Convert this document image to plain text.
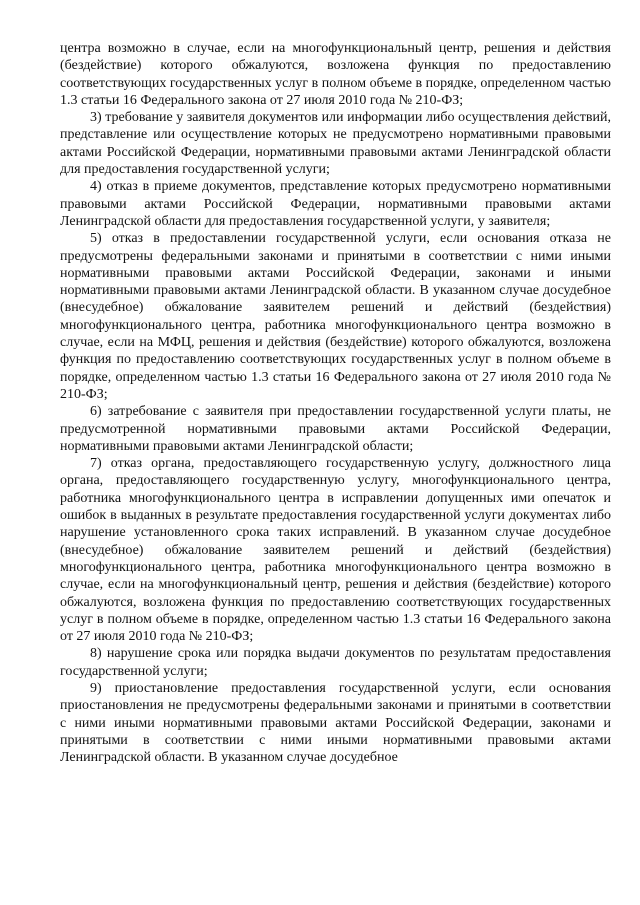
центра возможно в случае, если на многофункциональный центр, решения и действия (бездействие) которого обжалуются, возложена функция по предоставлению соответствующих государственных услуг в полном объеме в порядке, определенном частью 1.3 статьи 16 Федерального закона от 27 июля 2010 года № 210-ФЗ;

3) требование у заявителя документов или информации либо осуществления действий, представление или осуществление которых не предусмотрено нормативными правовыми актами Российской Федерации, нормативными правовыми актами Ленинградской области для предоставления государственной услуги;

4) отказ в приеме документов, представление которых предусмотрено нормативными правовыми актами Российской Федерации, нормативными правовыми актами Ленинградской области для предоставления государственной услуги, у заявителя;

5) отказ в предоставлении государственной услуги, если основания отказа не предусмотрены федеральными законами и принятыми в соответствии с ними иными нормативными правовыми актами Российской Федерации, законами и иными нормативными правовыми актами Ленинградской области. В указанном случае досудебное (внесудебное) обжалование заявителем решений и действий (бездействия) многофункционального центра, работника многофункционального центра возможно в случае, если на МФЦ, решения и действия (бездействие) которого обжалуются, возложена функция по предоставлению соответствующих государственных услуг в полном объеме в порядке, определенном частью 1.3 статьи 16 Федерального закона от 27 июля 2010 года № 210-ФЗ;

6) затребование с заявителя при предоставлении государственной услуги платы, не предусмотренной нормативными правовыми актами Российской Федерации, нормативными правовыми актами Ленинградской области;

7) отказ органа, предоставляющего государственную услугу, должностного лица органа, предоставляющего государственную услугу, многофункционального центра, работника многофункционального центра в исправлении допущенных ими опечаток и ошибок в выданных в результате предоставления государственной услуги документах либо нарушение установленного срока таких исправлений. В указанном случае досудебное (внесудебное) обжалование заявителем решений и действий (бездействия) многофункционального центра, работника многофункционального центра возможно в случае, если на многофункциональный центр, решения и действия (бездействие) которого обжалуются, возложена функция по предоставлению соответствующих государственных услуг в полном объеме в порядке, определенном частью 1.3 статьи 16 Федерального закона от 27 июля 2010 года № 210-ФЗ;

8) нарушение срока или порядка выдачи документов по результатам предоставления государственной услуги;

9) приостановление предоставления государственной услуги, если основания приостановления не предусмотрены федеральными законами и принятыми в соответствии с ними иными нормативными правовыми актами Российской Федерации, законами и принятыми в соответствии с ними иными нормативными правовыми актами Ленинградской области. В указанном случае досудебное
